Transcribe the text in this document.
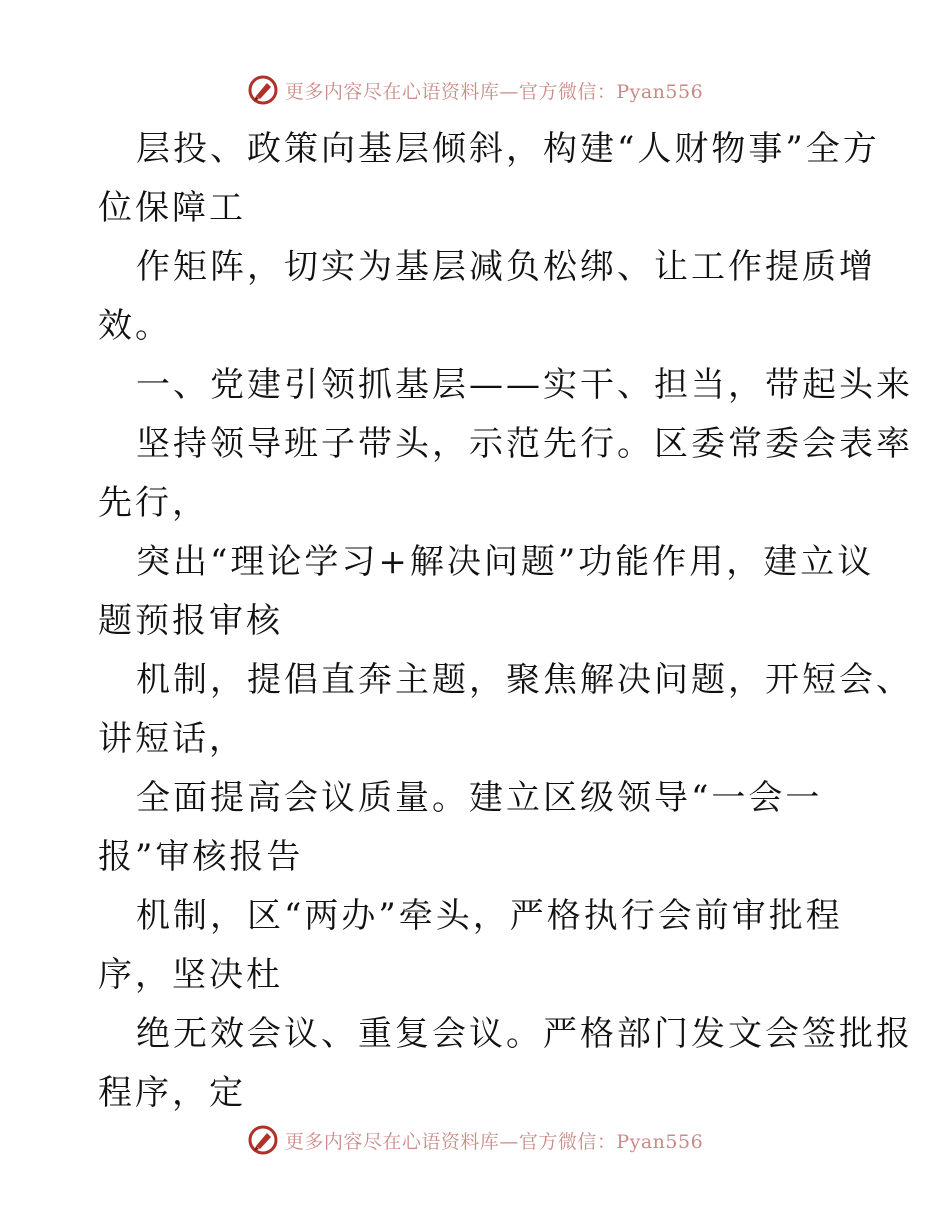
更多内容尽在心语资料库—官方微信：Pyan556
层投、政策向基层倾斜，构建“人财物事”全方
位保障工
作矩阵，切实为基层减负松绑、让工作提质增
效。
一、党建引领抓基层——实干、担当，带起头来
坚持领导班子带头，示范先行。区委常委会表率
先行，
突出“理论学习+解决问题”功能作用，建立议
题预报审核
机制，提倡直奔主题，聚焦解决问题，开短会、
讲短话，
全面提高会议质量。建立区级领导“一会一
报”审核报告
机制，区“两办”牵头，严格执行会前审批程
序，坚决杜
绝无效会议、重复会议。严格部门发文会签批报
程序，定
更多内容尽在心语资料库—官方微信：Pyan556
